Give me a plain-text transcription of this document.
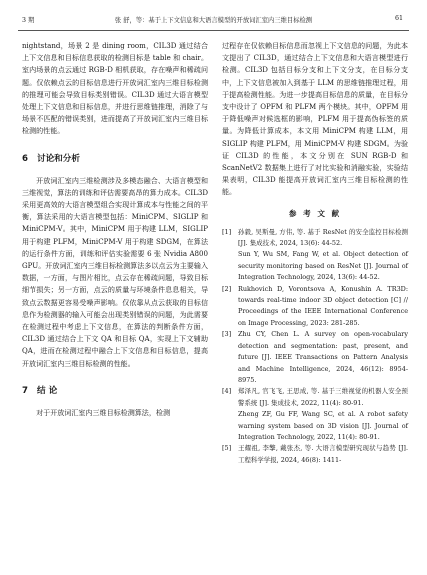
3 期	张 舒，等：基于上下文信息和大语言模型的开放词汇室内三维目标检测	61

nightstand，场景 2 是 dining room，CIL3D 通过结合上下文信息和目标信息获取的检测目标是 table 和 chair。室内场景的点云通过 RGB-D 相机获取，存在噪声和稀疏问题。仅依赖点云的目标信息进行开放词汇室内三维目标检测的推理可能会导致目标类别错误。CIL3D 通过大语言模型处理上下文信息和目标信息，并进行思维链推理，消除了与场景不匹配的错误类别，进而提高了开放词汇室内三维目标检测的性能。

6 讨论和分析

开放词汇室内三维检测涉及多模态融合、大语言模型和三维视觉，算法的训练和评估需要高昂的算力成本。CIL3D 采用更高效的大语言模型组合实现计算成本与性能之间的平衡，算法采用的大语言模型包括：MiniCPM、SIGLIP 和 MiniCPM-V。其中，MiniCPM 用于构建 LLM，SIGLIP 用于构建 PLFM，MiniCPM-V 用于构建 SDGM，在算法的运行条件方面，训练和评估实验需要 6 张 Nvidia A800 GPU。开放词汇室内三维目标检测算法多以点云为主要输入数据，一方面，与图片相比，点云存在稀疏问题，导致目标细节损失；另一方面，点云的质量与环境条件息息相关，导致点云数据更容易受噪声影响。仅依靠从点云获取的目标信息作为检测器的输入可能会出现类别错误的问题，为此需要在检测过程中考虑上下文信息，在算法的判断条件方面，CIL3D 通过结合上下文 QA 和目标 QA，实现上下文辅助 QA，进而在检测过程中融合上下文信息和目标信息，提高开放词汇室内三维目标检测的性能。

7 结 论

对于开放词汇室内三维目标检测算法，检测

过程存在仅依赖目标信息而忽视上下文信息的问题，为此本文提出了 CIL3D，通过结合上下文信息和大语言模型进行检测。CIL3D 包括目标分支和上下文分支，在目标分支中，上下文信息被加入到基于 LLM 的思维链推理过程，用于提高检测性能。为进一步提高目标信息的质量，在目标分支中设计了 OPFM 和 PLFM 两个模块。其中，OPFM 用于降低噪声对候选框的影响，PLFM 用于提高伪标签的质量。为降低计算成本，本文用 MiniCPM 构建 LLM，用 SIGLIP 构建 PLFM，用 MiniCPM-V 构建 SDGM。为验证 CIL3D 的性能，本文分别在 SUN RGB-D 和 ScanNetV2 数据集上进行了对比实验和消融实验，实验结果表明，CIL3D 能提高开放词汇室内三维目标检测的性能。

参 考 文 献
[1]	孙毅, 吴斯曼, 方伟, 等. 基于 ResNet 的安全监控目标检测 [J]. 集成技术, 2024, 13(6): 44-52.
Sun Y, Wu SM, Fang W, et al. Object detection of security monitoring based on ResNet [J]. Journal of Integration Technology, 2024, 13(6): 44-52.
[2]	Rukhovich D, Vorontsova A, Konushin A. TR3D: towards real-time indoor 3D object detection [C] // Proceedings of the IEEE International Conference on Image Processing, 2023: 281-285.
[3]	Zhu CY, Chen L. A survey on open-vocabulary detection and segmentation: past, present, and future [J]. IEEE Transactions on Pattern Analysis and Machine Intelligence, 2024, 46(12): 8954-8975.
[4]	郑泽凡, 官飞飞, 王思成, 等. 基于三维视觉的机器人安全预警系统 [J]. 集成技术, 2022, 11(4): 80-91.
Zheng ZF, Gu FF, Wang SC, et al. A robot safety warning system based on 3D vision [J]. Journal of Integration Technology, 2022, 11(4): 80-91.
[5]	王耀祖, 李擎, 戴张杰, 等. 大语言模型研究现状与趋势 [J]. 工程科学学报, 2024, 46(8): 1411-
